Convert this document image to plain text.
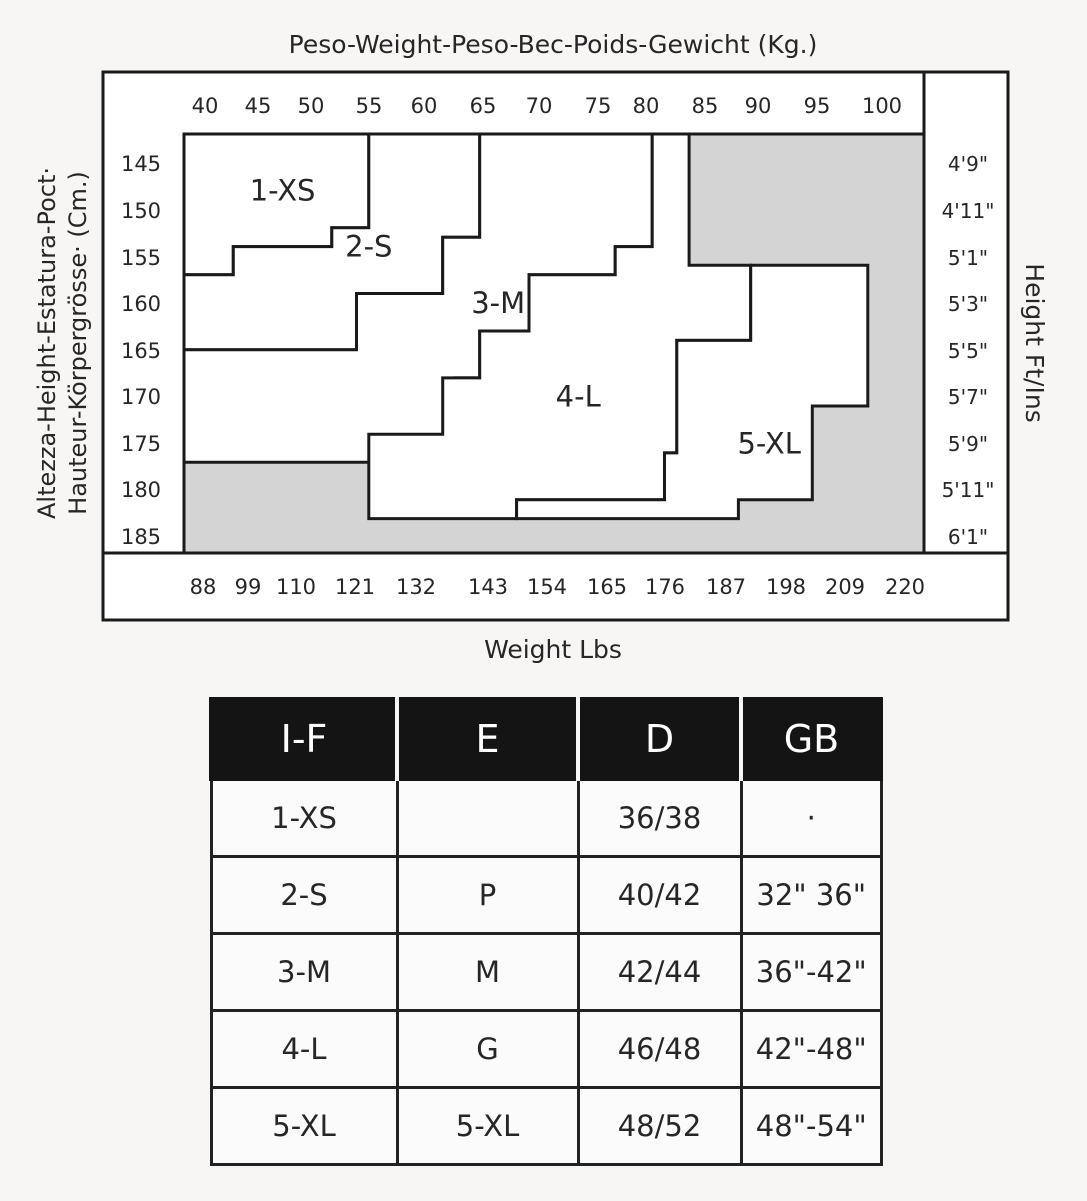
1-XS
2-S
3-M
4-L
5-XL
40 45 50 55 60 65 70 75 80 85 90 95 100
88 99 110 121 132 143 154 165 176 187 198 209 220
145
150
155
160
165
170
175
180
185
4'9"
4'11"
5'1"
5'3"
5'5"
5'7"
5'9"
5'11"
6'1"
Peso-Weight-Peso-Bec-Poids-Gewicht (Kg.)
Weight Lbs
Altezza-Height-Estatura-Poct· Hauteur-Körpergrösse· (Cm.)	Height Ft/Ins
I-F	E	D	GB
1-XS		36/38	·
2-S	P	40/42	32" 36"
3-M	M	42/44	36"-42"
4-L	G	46/48	42"-48"
5-XL	5-XL	48/52	48"-54"
